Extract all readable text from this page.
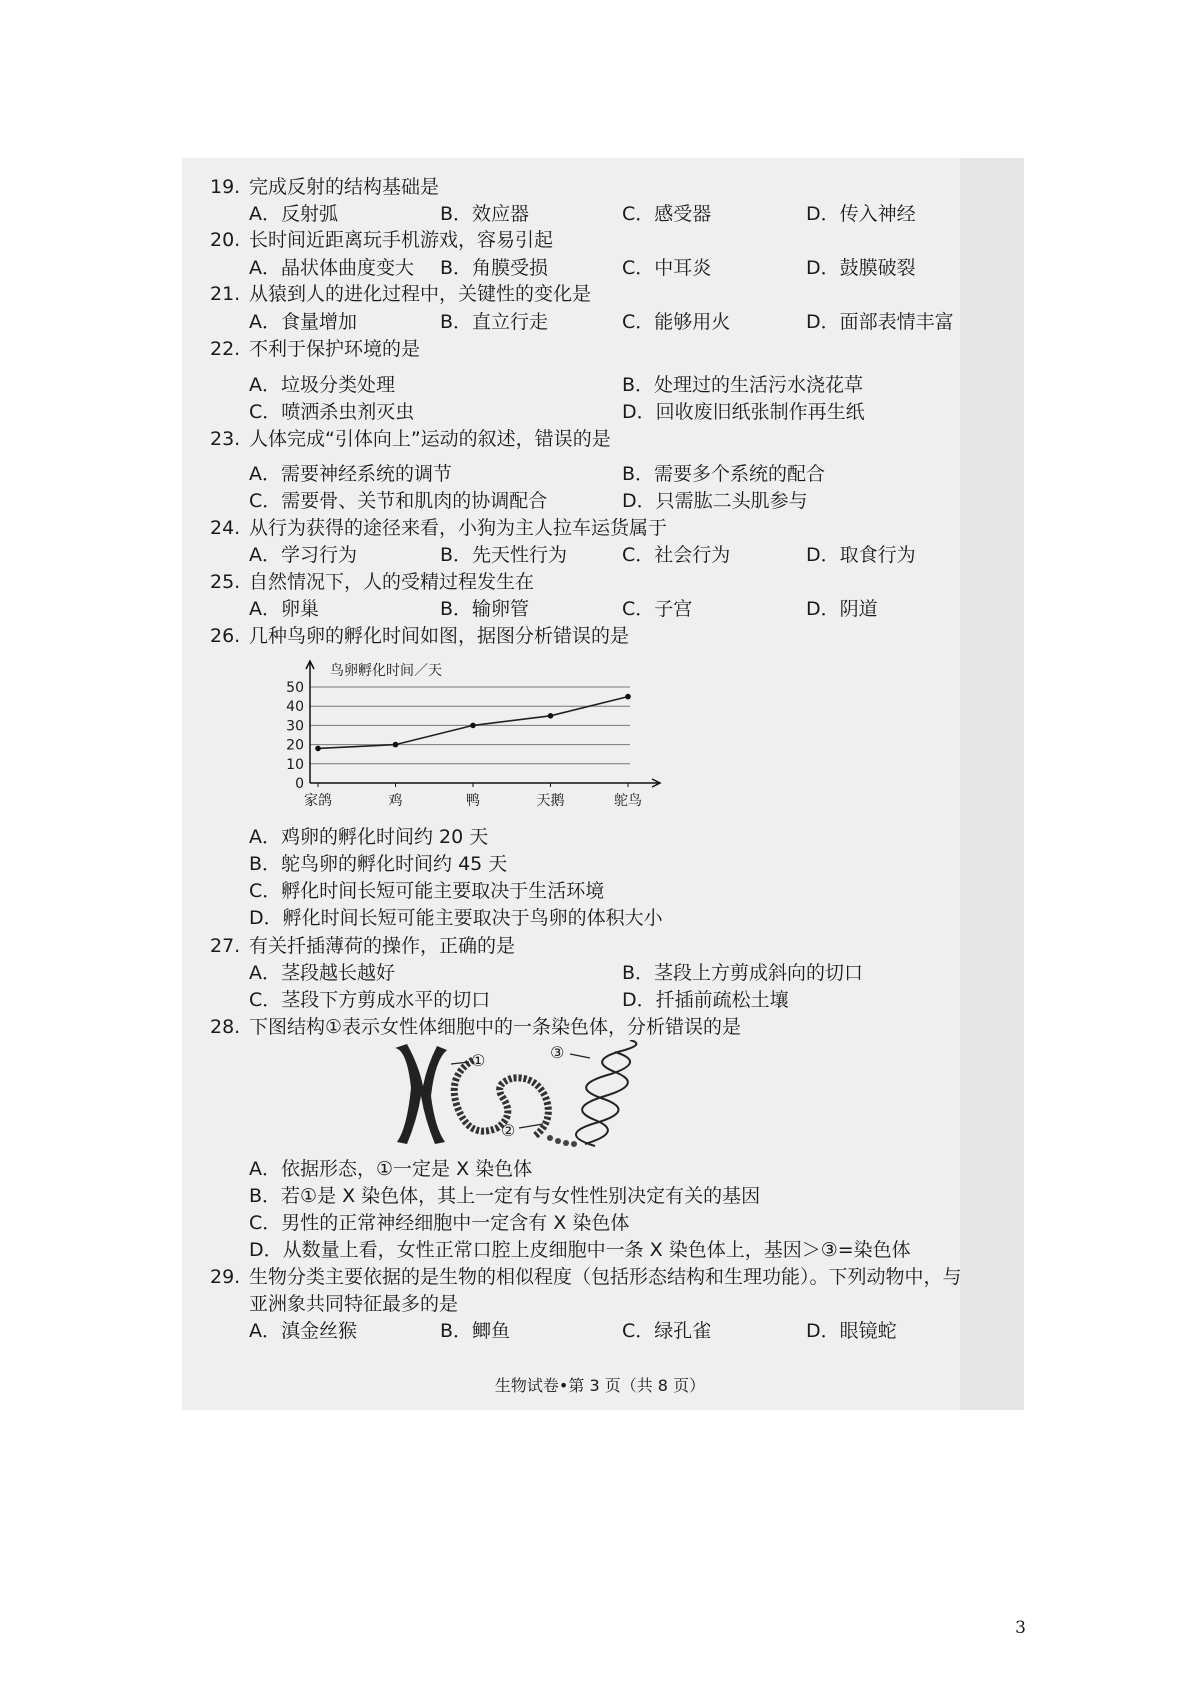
19. 完成反射的结构基础是
A．反射弧	B．效应器	C．感受器	D．传入神经
20. 长时间近距离玩手机游戏，容易引起
A．晶状体曲度变大 B．角膜受损	C．中耳炎	D．鼓膜破裂
21. 从猿到人的进化过程中，关键性的变化是
A．食量增加	B．直立行走	C．能够用火	D．面部表情丰富
22. 不利于保护环境的是
A．垃圾分类处理	B．处理过的生活污水浇花草
C．喷洒杀虫剂灭虫	D．回收废旧纸张制作再生纸
23. 人体完成“引体向上”运动的叙述，错误的是
A．需要神经系统的调节	B．需要多个系统的配合
C．需要骨、关节和肌肉的协调配合	D．只需肱二头肌参与
24. 从行为获得的途径来看，小狗为主人拉车运货属于
A．学习行为	B．先天性行为	C．社会行为	D．取食行为
25. 自然情况下，人的受精过程发生在
A．卵巢	B．输卵管	C．子宫	D．阴道
26. 几种鸟卵的孵化时间如图，据图分析错误的是
0
10
20
30
40
50
家鸽	鸡	鸭	天鹅	鸵鸟
鸟卵孵化时间／天
A．鸡卵的孵化时间约 20 天
B．鸵鸟卵的孵化时间约 45 天
C．孵化时间长短可能主要取决于生活环境
D．孵化时间长短可能主要取决于鸟卵的体积大小
27. 有关扦插薄荷的操作，正确的是
A．茎段越长越好	B．茎段上方剪成斜向的切口
C．茎段下方剪成水平的切口	D．扦插前疏松土壤
28. 下图结构①表示女性体细胞中的一条染色体，分析错误的是
①
②
③
A．依据形态，①一定是 X 染色体
B．若①是 X 染色体，其上一定有与女性性别决定有关的基因
C．男性的正常神经细胞中一定含有 X 染色体
D．从数量上看，女性正常口腔上皮细胞中一条 X 染色体上，基因＞③=染色体
29. 生物分类主要依据的是生物的相似程度（包括形态结构和生理功能）。下列动物中，与
亚洲象共同特征最多的是
A．滇金丝猴	B．鲫鱼	C．绿孔雀	D．眼镜蛇
生物试卷•第 3 页（共 8 页）
3
